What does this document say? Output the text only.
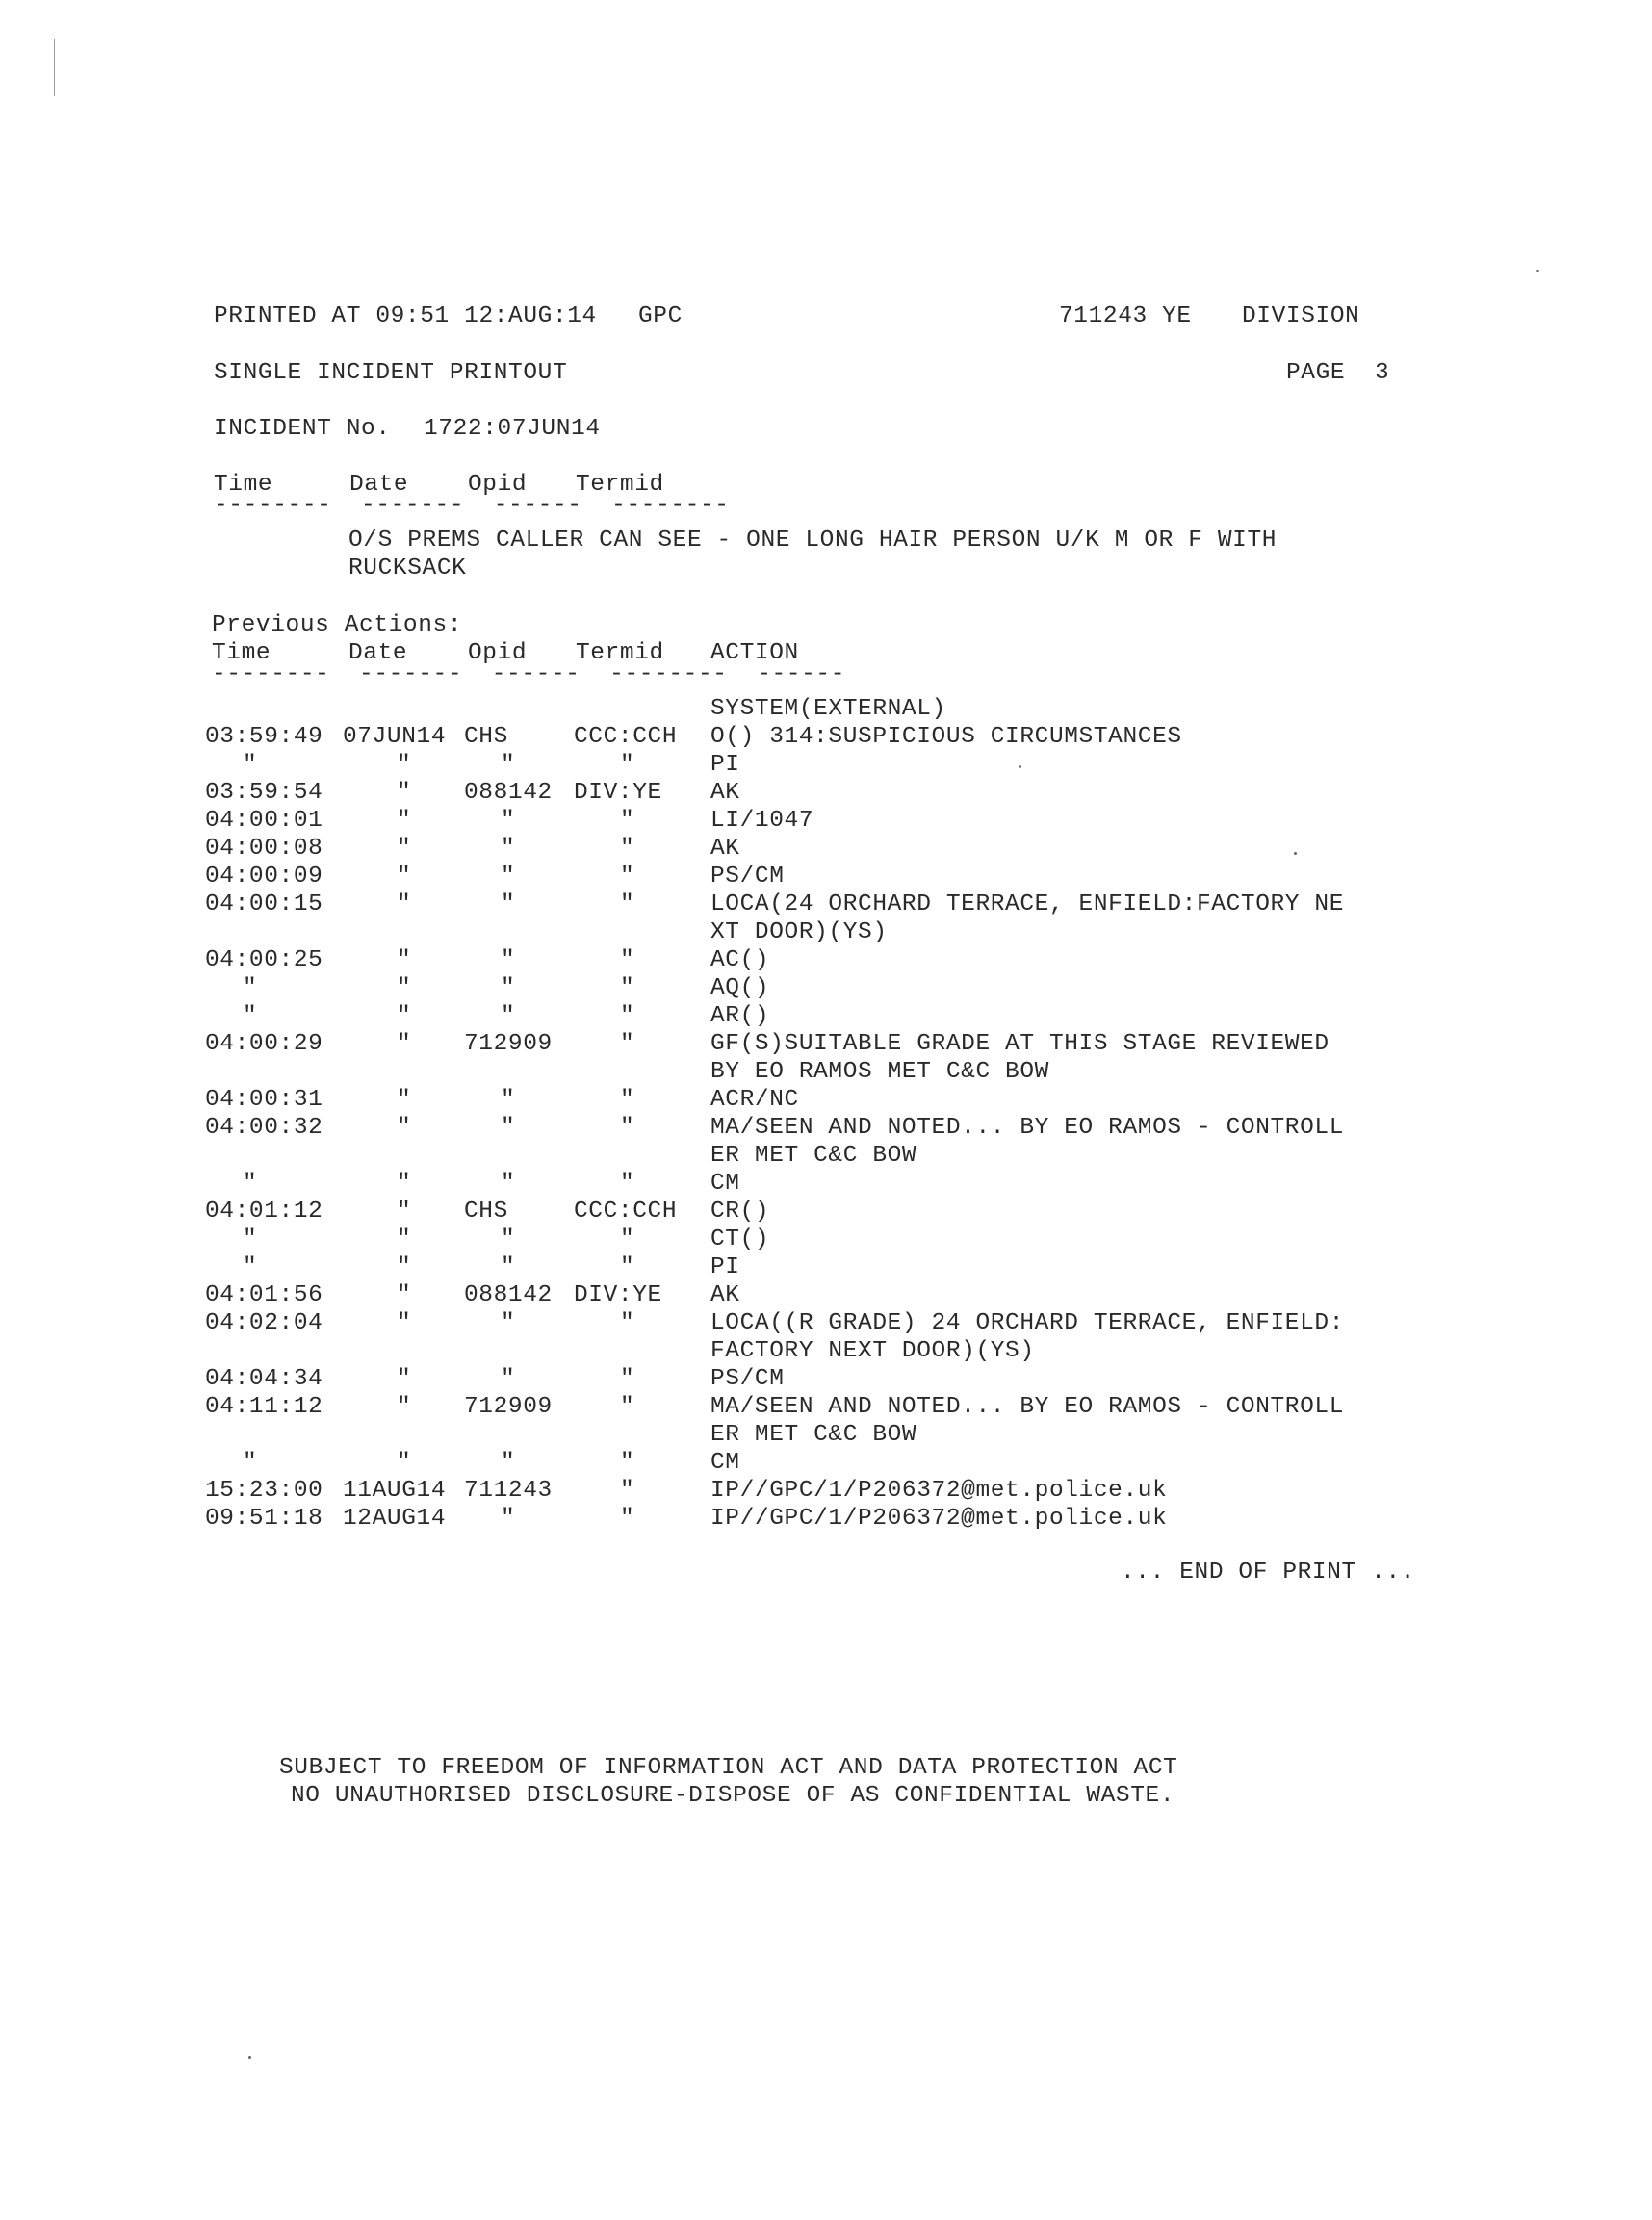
PRINTED AT 09:51 12:AUG:14 GPC	711243 YE DIVISION
SINGLE INCIDENT PRINTOUT	PAGE 3
INCIDENT No. 1722:07JUN14
Time	Date	Opid Termid
--------  -------  ------  --------
O/S PREMS CALLER CAN SEE - ONE LONG HAIR PERSON U/K M OR F WITH
RUCKSACK
Previous Actions:
Time	Date	Opid Termid ACTION
--------  -------  ------  --------  ------
SYSTEM(EXTERNAL)
03:59:49 07JUN14 CHS	CCC:CCH O() 314:SUSPICIOUS CIRCUMSTANCES
"	"	"	"	PI
03:59:54	" 088142 DIV:YE AK
04:00:01	"	"	"	LI/1047
04:00:08	"	"	"	AK
04:00:09	"	"	"	PS/CM
04:00:15	"	"	"	LOCA(24 ORCHARD TERRACE, ENFIELD:FACTORY NE
XT DOOR)(YS)
04:00:25	"	"	"	AC()
"	"	"	"	AQ()
"	"	"	"	AR()
04:00:29	" 712909	"	GF(S)SUITABLE GRADE AT THIS STAGE REVIEWED
BY EO RAMOS MET C&C BOW
04:00:31	"	"	"	ACR/NC
04:00:32	"	"	"	MA/SEEN AND NOTED... BY EO RAMOS - CONTROLL
ER MET C&C BOW
"	"	"	"	CM
04:01:12	" CHS	CCC:CCH CR()
"	"	"	"	CT()
"	"	"	"	PI
04:01:56	" 088142 DIV:YE AK
04:02:04	"	"	"	LOCA((R GRADE) 24 ORCHARD TERRACE, ENFIELD:
FACTORY NEXT DOOR)(YS)
04:04:34	"	"	"	PS/CM
04:11:12	" 712909	"	MA/SEEN AND NOTED... BY EO RAMOS - CONTROLL
ER MET C&C BOW
"	"	"	"	CM
15:23:00 11AUG14 711243	"	IP//GPC/1/P206372@met.police.uk
09:51:18 12AUG14 "	"	IP//GPC/1/P206372@met.police.uk
... END OF PRINT ...
SUBJECT TO FREEDOM OF INFORMATION ACT AND DATA PROTECTION ACT
NO UNAUTHORISED DISCLOSURE-DISPOSE OF AS CONFIDENTIAL WASTE.
